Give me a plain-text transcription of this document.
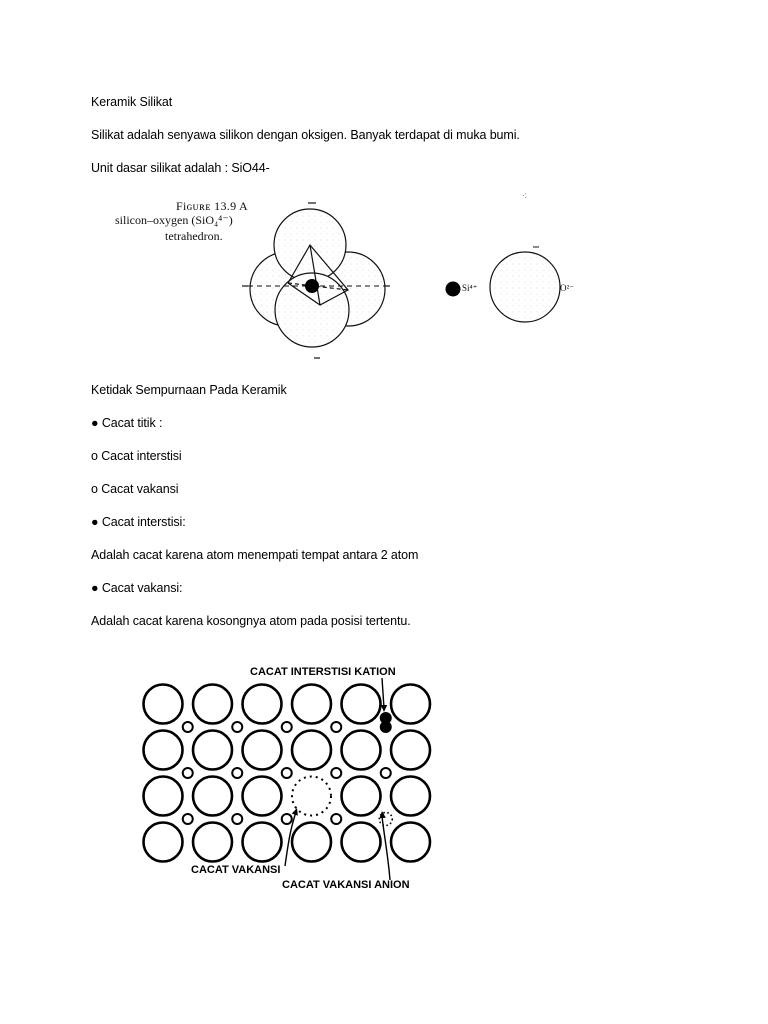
Keramik Silikat
Silikat adalah senyawa silikon dengan oksigen. Banyak terdapat di muka bumi.
Unit dasar silikat adalah : SiO44-
Fiɢᴜʀᴇ 13.9 A
silicon–oxygen (SiO₄⁴⁻)
tetrahedron.
·:
Si⁴⁺	O²⁻
Ketidak Sempurnaan Pada Keramik
● Cacat titik :
o Cacat interstisi
o Cacat vakansi
● Cacat interstisi:
Adalah cacat karena atom menempati tempat antara 2 atom
● Cacat vakansi:
Adalah cacat karena kosongnya atom pada posisi tertentu.
CACAT INTERSTISI KATION
CACAT VAKANSI
CACAT VAKANSI ANION
